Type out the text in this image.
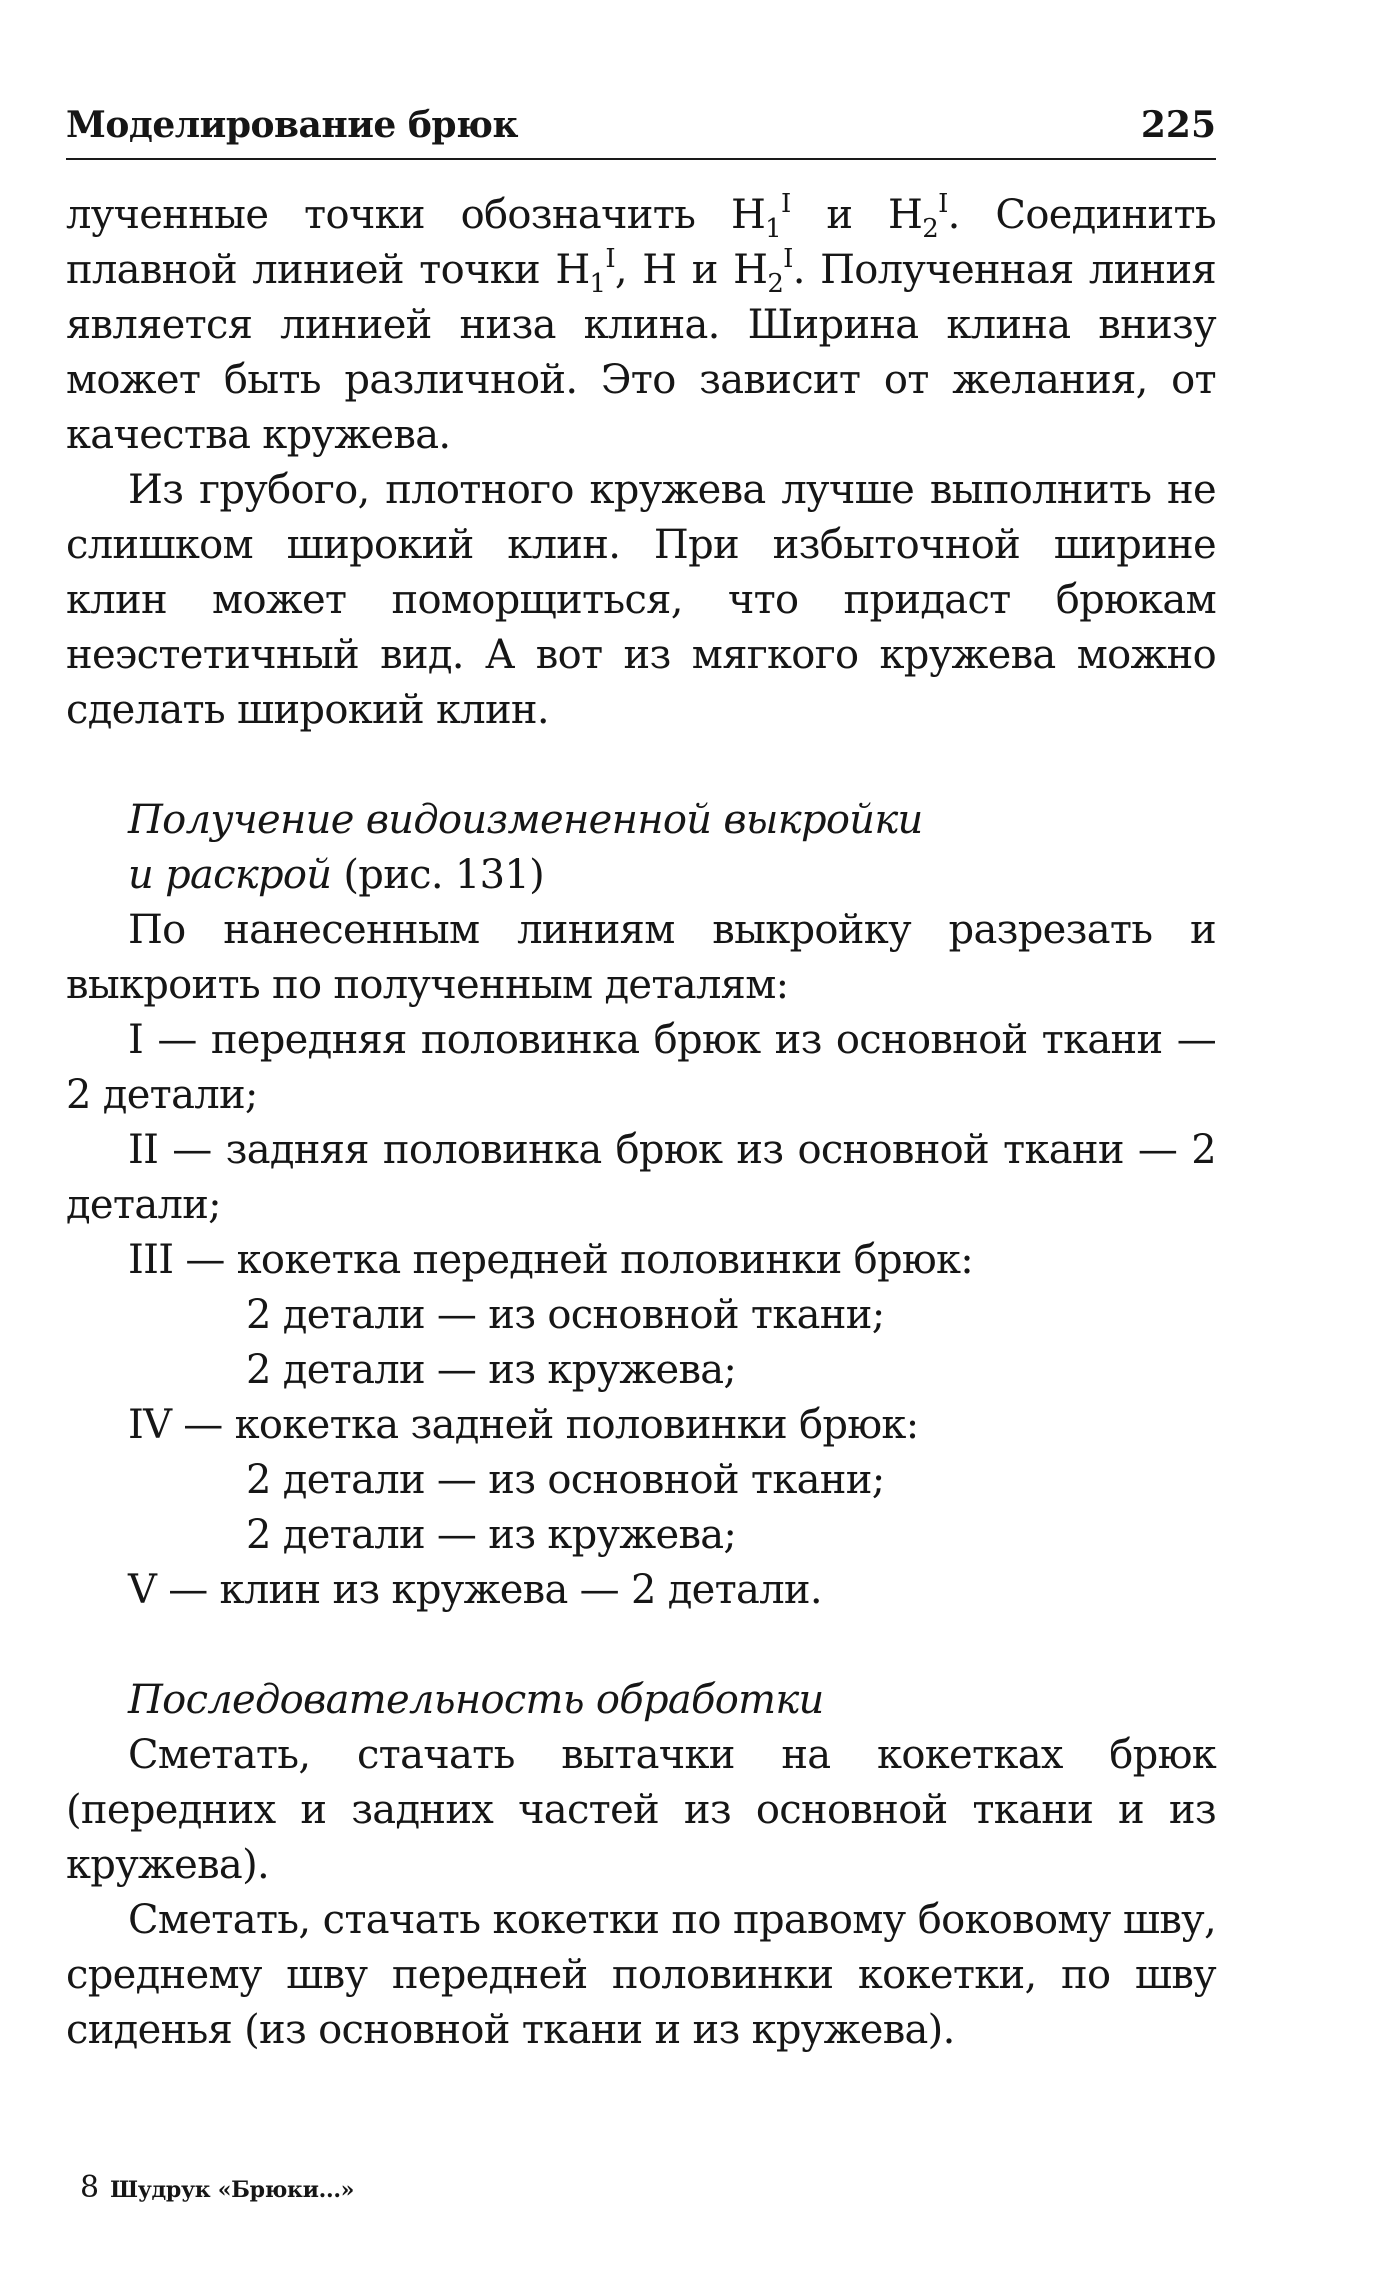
Моделирование брюк	225

лученные точки обозначить $Н_1^I$ и $Н_2^I$. Соединить плавной линией точки $Н_1^I$, Н и $Н_2^I$. Полученная линия является линией низа клина. Ширина клина внизу может быть различной. Это зависит от желания, от качества кружева.

Из грубого, плотного кружева лучше выполнить не слишком широкий клин. При избыточной ширине клин может поморщиться, что придаст брюкам неэстетичный вид. А вот из мягкого кружева можно сделать широкий клин.

Получение видоизмененной выкройки
и раскрой (рис. 131)

По нанесенным линиям выкройку разрезать и выкроить по полученным деталям:

I — передняя половинка брюк из основной ткани — 2 детали;

II — задняя половинка брюк из основной ткани — 2 детали;

III — кокетка передней половинки брюк:

2 детали — из основной ткани;

2 детали — из кружева;

IV — кокетка задней половинки брюк:

2 детали — из основной ткани;

2 детали — из кружева;

V — клин из кружева — 2 детали.

Последовательность обработки

Сметать, стачать вытачки на кокетках брюк (передних и задних частей из основной ткани и из кружева).

Сметать, стачать кокетки по правому боковому шву, среднему шву передней половинки кокетки, по шву сиденья (из основной ткани и из кружева).

8 Шудрук «Брюки...»
